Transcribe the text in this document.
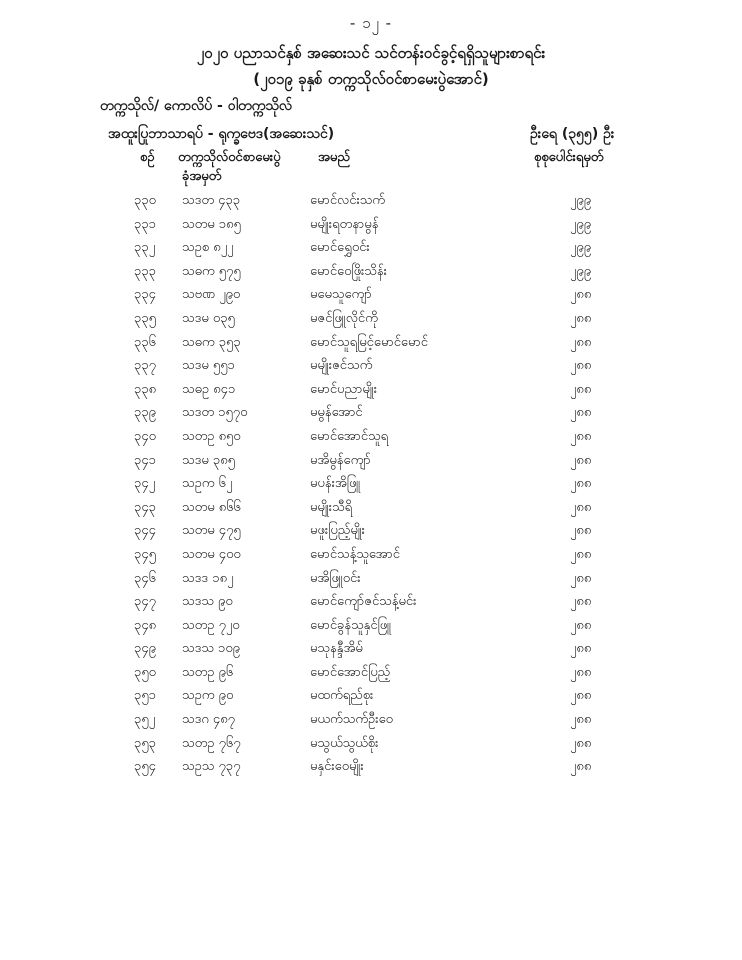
- ၁၂ -
၂၀၂၀ ပညာသင်နှစ် အဆေးသင် သင်တန်းဝင်ခွင့်ရရှိသူများစာရင်း
(၂၀၁၉ ခုနှစ် တက္ကသိုလ်ဝင်စာမေးပွဲအောင်)
တက္ကသိုလ်/ ကောလိပ် - ဝါတက္ကသိုလ်
အထူးပြုဘာသာရပ် - ရုက္ခဗေဒ(အဆေးသင်)	ဦးရေ (၃၅၅) ဦး
စဉ် တက္ကသိုလ်ဝင်စာမေးပွဲ
ခုံအမှတ်
အမည်	စုစုပေါင်းရမှတ်
၃၃၀ သဒတ ၄၃၃	မောင်လင်းသက်	၂၉၉
၃၃၁ သတမ ၁၈၅	မမျိုးရတနာမွန်	၂၉၉
၃၃၂ သဥစ ၈၂၂	မောင်ရွှေဝင်း	၂၉၉
၃၃၃ သဓက ၅၇၅	မောင်ဝေဖြိုးသိန်း	၂၉၉
၃၃၄ သဗဏ ၂၉၀	မမေသူကျော်	၂၈၈
၃၃၅ သဒမ ၀၃၅	မဇင်ဖြူလိုင်ကို	၂၈၈
၃၃၆ သဓက ၃၅၃	မောင်သူရမြင့်မောင်မောင်	၂၈၈
၃၃၇ သဒမ ၅၅၁	မမျိုးဇင်သက်	၂၈၈
၃၃၈ သဓဥ ၈၄၁	မောင်ပညာမျိုး	၂၈၈
၃၃၉ သဒတ ၁၅၇၀	မမွန်အောင်	၂၈၈
၃၄၀ သတဥ ၈၅၀	မောင်အောင်သူရ	၂၈၈
၃၄၁ သဒမ ၃၈၅	မအိမွန်ကျော်	၂၈၈
၃၄၂ သဥက ၆၂	မပန်းအိဖြူ	၂၈၈
၃၄၃ သတမ ၈၆၆	မမျိုးသီရိ	၂၈၈
၃၄၄ သတမ ၄၇၅	မဖူးပြည့်မျိုး	၂၈၈
၃၄၅ သတမ ၄၀၀	မောင်သန့်သူအောင်	၂၈၈
၃၄၆ သဒဒ ၁၈၂	မအိဖြူဝင်း	၂၈၈
၃၄၇ သဒသ ၉၀	မောင်ကျော်ဇင်သန့်မင်း	၂၈၈
၃၄၈ သတဥ ၇၂၀	မောင်ခွန်သူနှင်ဖြူ	၂၈၈
၃၄၉ သဒသ ၁၀၉	မသုနန္ဒီအိမ်	၂၈၈
၃၅၀ သတဥ ၉၆	မောင်အောင်ပြည့်	၂၈၈
၃၅၁ သဥက ၉၀	မထက်ရည်စုး	၂၈၈
၃၅၂ သဒဂ ၄၈၇	မယက်သက်ဦးဝေ	၂၈၈
၃၅၃ သတဥ ၇၆၇	မသွယ်သွယ်စိုး	၂၈၈
၃၅၄ သဥသ ၇၃၇	မနှင်းဝေမျိုး	၂၈၈
